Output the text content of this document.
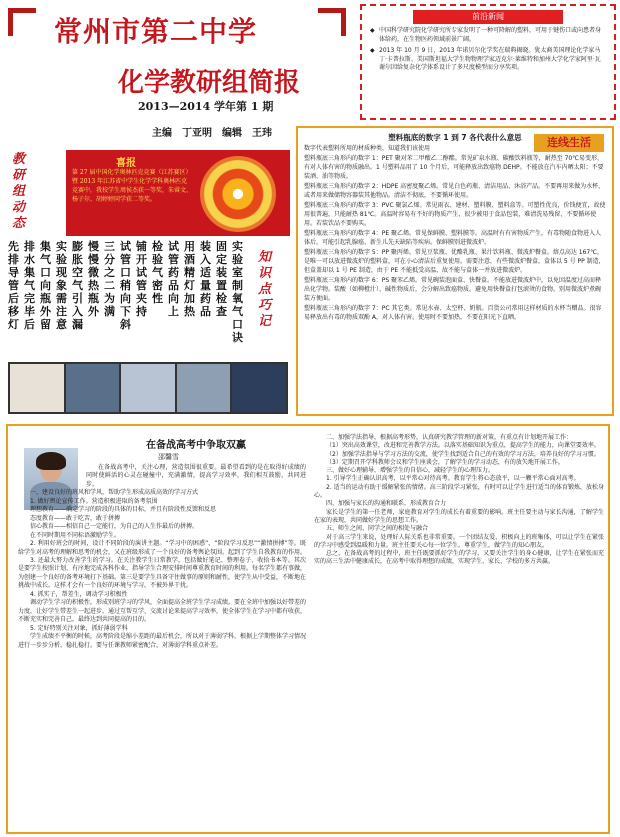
常州市第二中学
化学教研组简报
2013—2014 学年第 1 期
主编　丁亚明　编辑　王玮
前沿新闻
◆ 中国科学研究院化学研究所专家发明了一种可降解的塑料，可用于键伤口或向患者身体给药，在生物医药领域前景广阔。
◆ 2013 年 10 月 9 日，2013 年诺贝尔化学奖在瑞典揭晓。犹太裔美国理论化学家马丁·卡普拉斯、美国斯坦福大学生物物理学家迈克尔·莱维特和加州大学化学家阿里·瓦谢尔因给复杂化学体系设计了多尺度模型而分享奖项。
教研组动态
知识点巧记
喜报
第 27 届中国化学奥林匹克竞赛（江苏赛区）暨 2013 年江苏省中学生化学学科奥林匹克竞赛中，我校学生周侯杰获一等奖，朱睿文、杨子尔、胡婷婷同学获二等奖。
先排导管后移灯
排水集气完毕后
集气口向瓶外留
实验现象需注意
膨胀空气引入漏
慢慢微热瓶外
三分之二为满
试管口稍向下斜
铺开试管夹持
检验气密性
试管药品向上
用酒精灯加热
装入适量药品
固定装置检查
实验室制氧气口诀
连线生活
塑料瓶底的数字 1 到 7 各代表什么意思

数字代表塑料所用的材质种类，知道我们该使用

塑料瓶底三角形内的数字 1：PET 聚对苯二甲酸乙二醇酯。常见矿泉水瓶、碳酸饮料瓶等，耐热至 70℃易变形，有对人体有害的物质融出。1 号塑料品用了 10 个月后，可能释放出致癌物 DEHP。不能放在汽车内晒太阳；不要装酒、油等物质。

塑料瓶底三角形内的数字 2：HDPE 高密度聚乙烯。常见白色药瓶、清洁用品、沐浴产品。不要再用来做为水杯，或者用来做储物容器装其他物品。清洁不彻底，不要循环使用。

塑料瓶底三角形内的数字 3：PVC 聚氯乙烯。常见雨衣、建材、塑料膜、塑料盒等。可塑性优良，价钱便宜，故使用很普遍，只能耐热 81℃。高温时容易有不好的物质产生，很少被用于食品包装，难清洗易残留，不要循环使用。若装饮品不要购买。

塑料瓶底三角形内的数字 4：PE 聚乙烯。常见保鲜膜、塑料膜等。高温时有有害物质产生，有毒物随食物进入人体后，可能引起乳腺癌、新生儿先天缺陷等疾病。保鲜膜别进微波炉。

塑料瓶底三角形内的数字 5：PP 聚丙烯。常见豆浆瓶、优酪乳瓶、果汁饮料瓶、微波炉餐盒。熔点高达 167℃，是唯一可以放进微波炉的塑料盒，可在小心清洁后重复使用。需要注意，有些微波炉餐盒，盒体以 5 号 PP 制造，但盒盖却以 1 号 PE 制造，由于 PE 不能抵受高温，故不能与盒体一并放进微波炉。

塑料瓶底三角形内的数字 6：PS 聚苯乙烯。常见碗装泡面盒、快餐盒。不能放进微波炉中，以免因温度过高而释出化学物。装酸（如柳橙汁）、碱性物质后，会分解出致癌物质。避免用快餐盒打包滚烫的食物。别用微波炉煮碗装方便面。

塑料瓶底三角形内的数字 7：PC 其它类。常见水壶、太空杯、奶瓶。百货公司常用这样材质的水杯当赠品。很容易释放出有毒的物质双酚 A，对人体有害。使用时不要加热，不要在阳光下直晒。

在备战高考中争取双赢
邵馨雪

在备战高考中，关注心理，营造氛围很重要。最希望看到的是在取得好成绩的同时使鲜活的心灵在碰撞中，充满激情，提高学习效率，我们相互鼓励，共同进步。

一、建设良好的班风和学风，帮助学生形成高质高效的学习方式

1. 做好舆论宣传工作。营造积极进取的备考氛围

理想教育——确定学习的阶段的具体的目标，并且有阶段性反馈和反思

态度教育——敢于吃苦，敢于拼搏

信心教育——相信自己一定能行，为自己的人生作最后的拼搏。

在不同时期用不同标语激励学生。

2. 利用好班会的时间，设计不同阶段的演讲主题。“学习中的困惑”、“阶段学习反思”“激情拼搏”等。既给学生对高考的理解和思考的机会，又在班级形成了一个良好的备考舆论氛围。起到了学生自我教育的作用。

3. 还最大努力改善学生的学习。在关注教学生日常教学，包括做好笔记、整理卷子、收拾书本等。其次是要学生按照计划、有序地完成各科作业，指导学生合理安排时间尊重教育时间的利用。每名学生都有事做，为创建一个良好的备考环境打下基础。第三是要学生具备守住做事的原则和耐性，使学生从中受益，不断地在挑战中成长。这样才会有一个良好的环境与学习，不被外界干扰。

4. 抓实子，帮差生，调动学习积极性

调动学生学习的积极性，形成别班学习的学风，全面提高全班学生学习成绩。要在全班中加强以好带差的力度，让好学生带差生一起进步。通过互帮互学、交流讨论来提高学习效率，使全体学生在学习中都有收获，不断充实和完善自己，最终达到共同提高的目的。

5. 定好特别关注对象，抓好薄弱学科

学生成绩不平衡的时候，高考阶段是缩小差距的最后机会，所以对于薄弱学科，根据上学期整体学习情况进行一步步分析，稳扎稳打。要与任课教师紧密配合，对薄弱学科重点补差。

二、加强学法指导，根据高考形势，认真研究教学管理的新对策，有重点有计划地开展工作：

（1）突出高效课堂，改进和完善教学方法。以落实基础知识为重点，提高学生的能力，向课堂要效率。

（2）加强学法指导与学习方法的交流，使学生找到适合自己的有效的学习方法，培养良好的学习习惯。

（3）定期召开学科教师会议和学生座谈会，了解学生的学习动态，有的放矢地开展工作。

三、做好心理辅导，增强学生的自信心，减轻学生的心理压力。

1. 引导学生正确认识高考，以平常心对待高考。教育学生将心态放平，以一颗平常心面对高考。

2. 适当的运动有助于缓解紧张的情绪。高三阶段学习紧张，有时可以让学生进行适当的体育锻炼，放松身心。

四、加强与家长的沟通和联系，形成教育合力

家长是学生的第一任老师，家庭教育对学生的成长有着重要的影响。班主任要主动与家长沟通，了解学生在家的表现，共同做好学生的思想工作。

五、师生之间、同学之间的相处与融合

对于高三学生来说，处理好人际关系也非常重要。一个团结友爱、积极向上的班集体，可以让学生在紧张的学习中感受到温暖和力量。班主任要关心每一位学生，尊重学生，做学生的知心朋友。

总之，在备战高考的过程中，班主任既要抓好学生的学习，又要关注学生的身心健康，让学生在紧张而充实的高三生活中健康成长，在高考中取得理想的成绩，实现学生、家长、学校的多方共赢。
